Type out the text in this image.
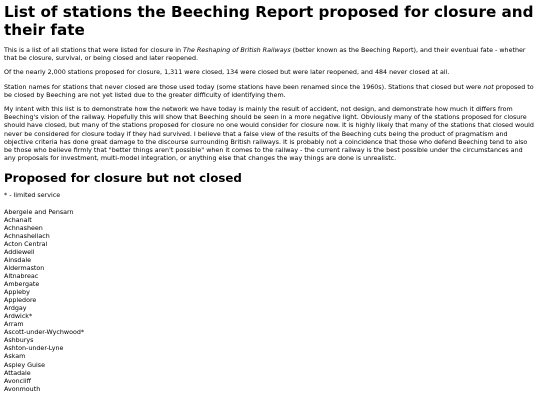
List of stations the Beeching Report proposed for closure and their fate

This is a list of all stations that were listed for closure in The Reshaping of British Railways (better known as the Beeching Report), and their eventual fate - whether that be closure, survival, or being closed and later reopened.

Of the nearly 2,000 stations proposed for closure, 1,311 were closed, 134 were closed but were later reopened, and 484 never closed at all.

Station names for stations that never closed are those used today (some stations have been renamed since the 1960s). Stations that closed but were not proposed to be closed by Beeching are not yet listed due to the greater difficulty of identifying them.

My intent with this list is to demonstrate how the network we have today is mainly the result of accident, not design, and demonstrate how much it differs from Beeching's vision of the railway. Hopefully this will show that Beeching should be seen in a more negative light. Obviously many of the stations proposed for closure should have closed, but many of the stations proposed for closure no one would consider for closure now. It is highly likely that many of the stations that closed would never be considered for closure today if they had survived. I believe that a false view of the results of the Beeching cuts being the product of pragmatism and objective criteria has done great damage to the discourse surrounding British railways. It is probably not a coincidence that those who defend Beeching tend to also be those who believe firmly that "better things aren't possible" when it comes to the railway - the current railway is the best possible under the circumstances and any proposals for investment, multi-model integration, or anything else that changes the way things are done is unrealistc.

Proposed for closure but not closed
* - limited service
Abergele and Pensarn
Achanalt
Achnasheen
Achnashellach
Acton Central
Addiewell
Ainsdale
Aldermaston
Altnabreac
Ambergate
Appleby
Appledore
Ardgay
Ardwick*
Arram
Ascott-under-Wychwood*
Ashburys
Ashton-under-Lyne
Askam
Aspley Guise
Attadale
Avoncliff
Avonmouth
